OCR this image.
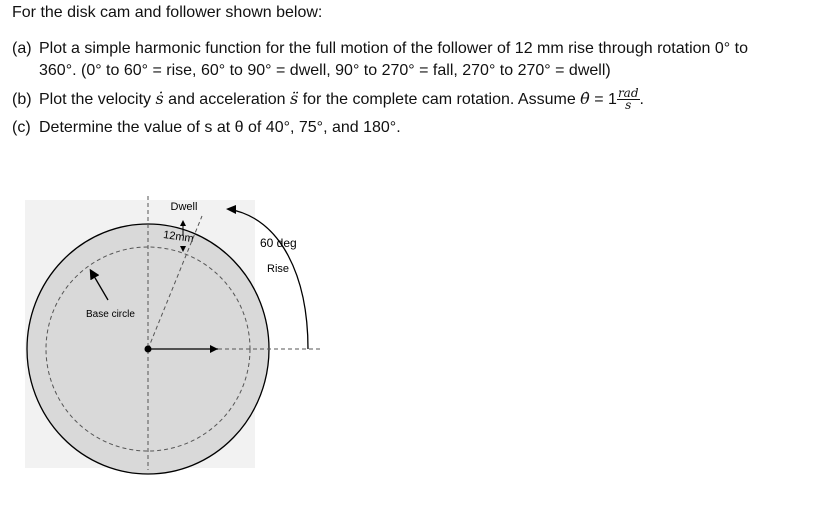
For the disk cam and follower shown below:
(a) Plot a simple harmonic function for the full motion of the follower of 12 mm rise through rotation 0° to
360°. (0° to 60° = rise, 60° to 90° = dwell, 90° to 270° = fall, 270° to 270° = dwell)
(b) Plot the velocity ṡ and acceleration s̈ for the complete cam rotation. Assume θ̇ = $1 \frac{\text{rad}}{s}$ .
(c) Determine the value of s at θ of 40°, 75°, and 180°.
Dwell
12mm	60 deg
Rise
Base circle
